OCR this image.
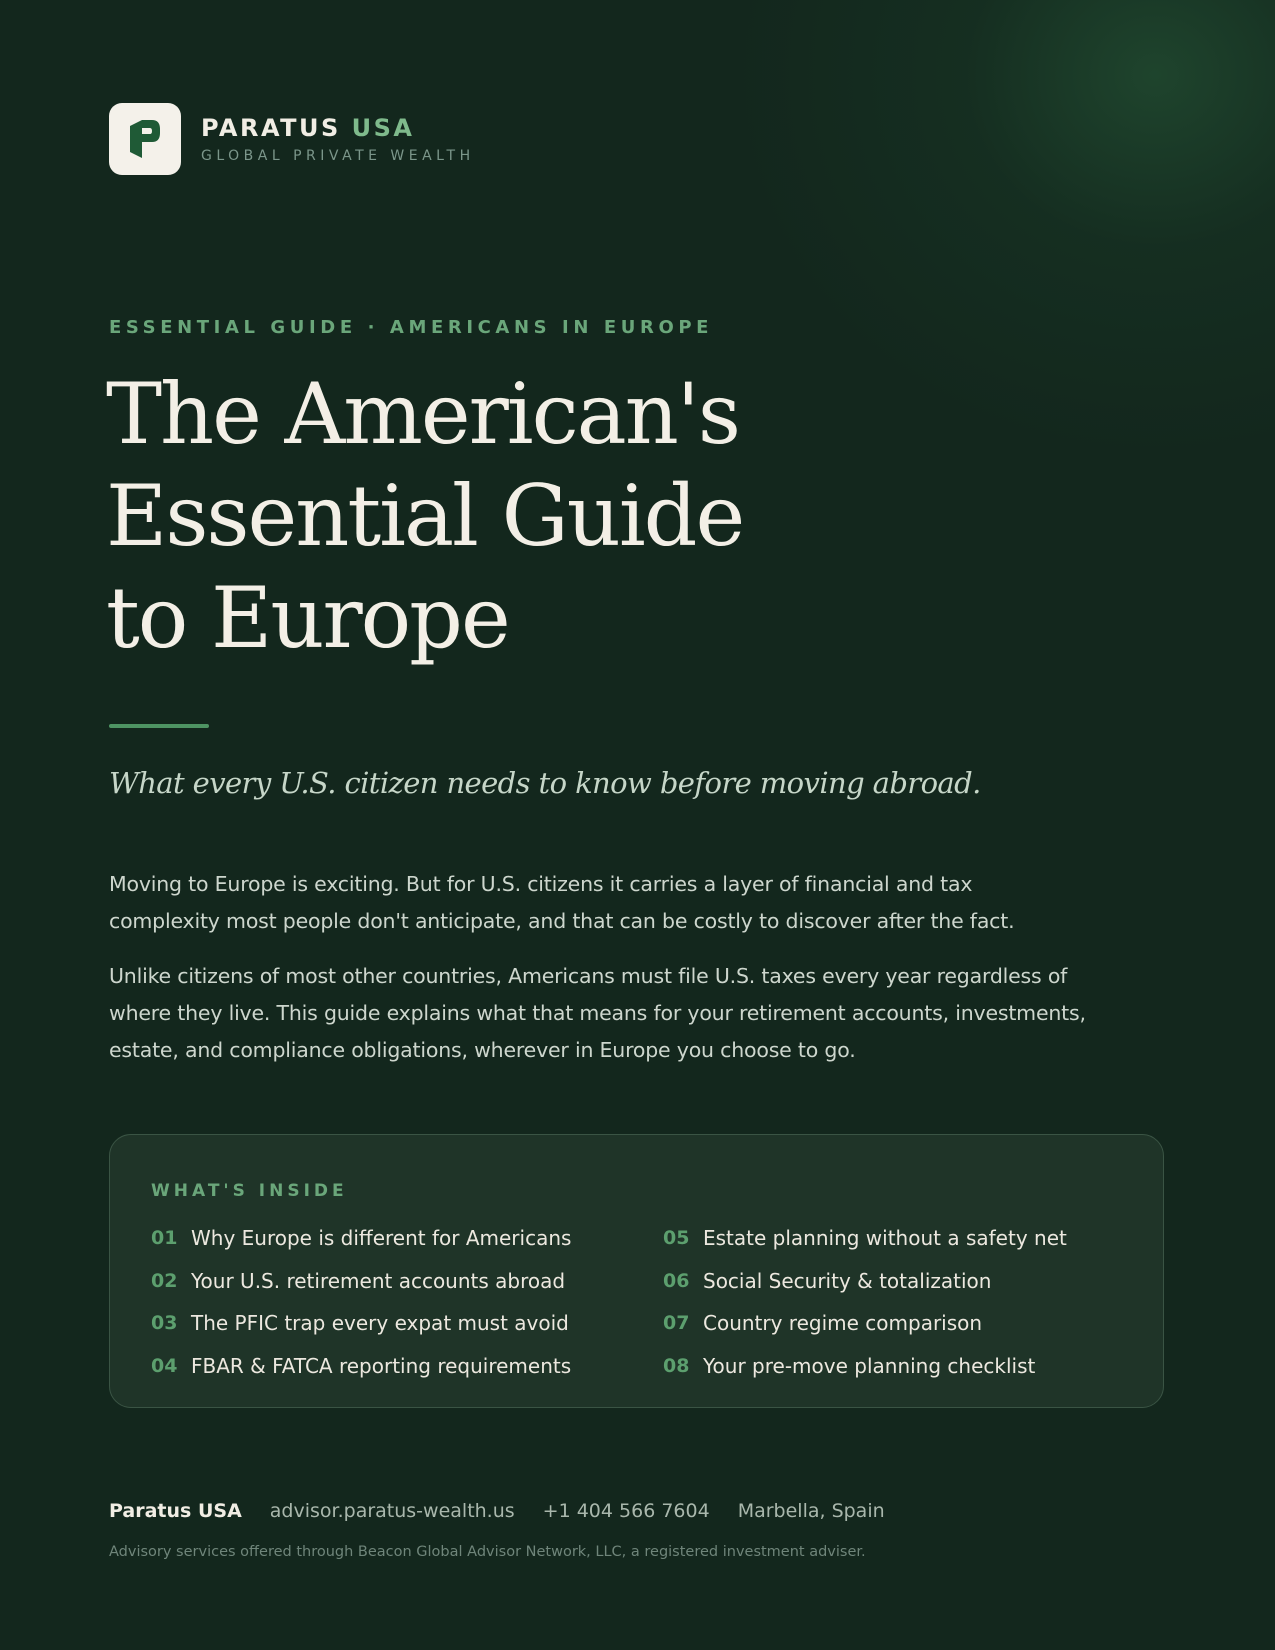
PARATUS USA
GLOBAL PRIVATE WEALTH
ESSENTIAL GUIDE · AMERICANS IN EUROPE
The American's
Essential Guide
to Europe

What every U.S. citizen needs to know before moving abroad.

Moving to Europe is exciting. But for U.S. citizens it carries a layer of financial and tax complexity most people don't anticipate, and that can be costly to discover after the fact.

Unlike citizens of most other countries, Americans must file U.S. taxes every year regardless of where they live. This guide explains what that means for your retirement accounts, investments, estate, and compliance obligations, wherever in Europe you choose to go.

WHAT'S INSIDE
01 Why Europe is different for Americans
02 Your U.S. retirement accounts abroad
03 The PFIC trap every expat must avoid
04 FBAR & FATCA reporting requirements
05 Estate planning without a safety net
06 Social Security & totalization
07 Country regime comparison
08 Your pre-move planning checklist
Paratus USA advisor.paratus-wealth.us +1 404 566 7604 Marbella, Spain
Advisory services offered through Beacon Global Advisor Network, LLC, a registered investment adviser.
